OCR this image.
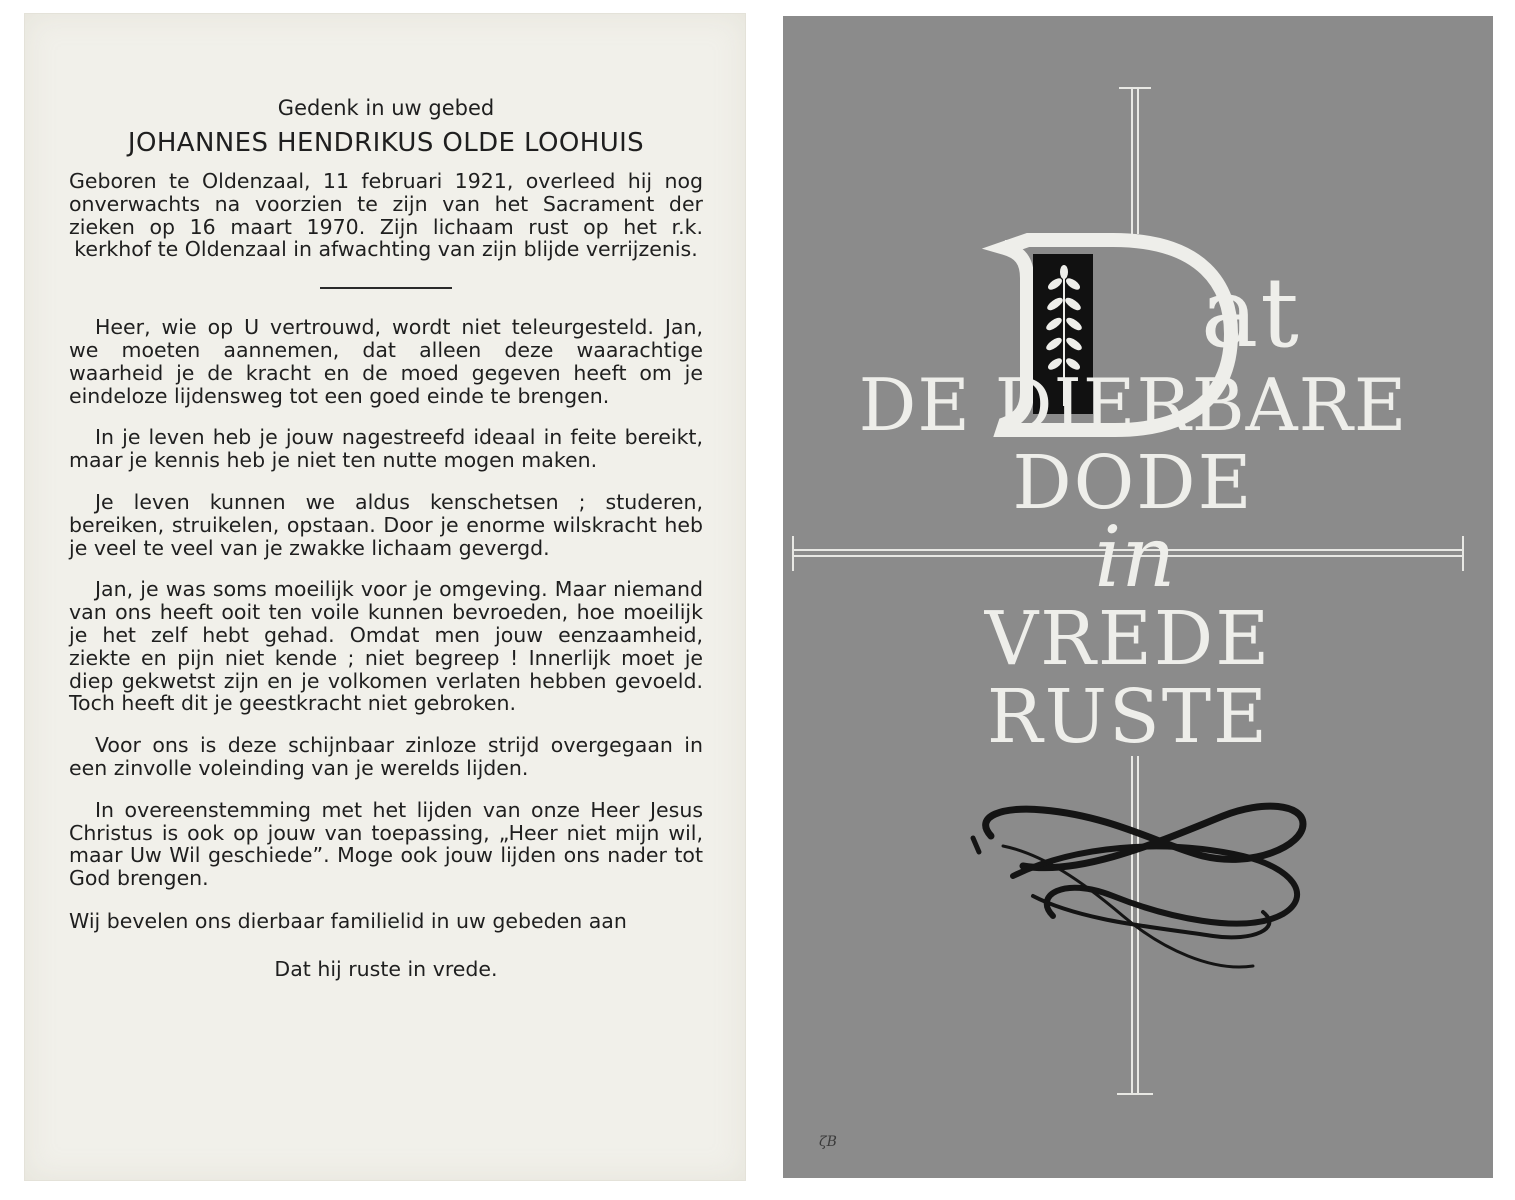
Gedenk in uw gebed

JOHANNES HENDRIKUS OLDE LOOHUIS

Geboren te Oldenzaal, 11 februari 1921, overleed hij nog onverwachts na voorzien te zijn van het Sacrament der zieken op 16 maart 1970. Zijn lichaam rust op het r.k. kerkhof te Oldenzaal in afwachting van zijn blijde verrijzenis.

Heer, wie op U vertrouwd, wordt niet teleurgesteld. Jan, we moeten aannemen, dat alleen deze waarachtige waarheid je de kracht en de moed gegeven heeft om je eindeloze lijdensweg tot een goed einde te brengen.

In je leven heb je jouw nagestreefd ideaal in feite bereikt, maar je kennis heb je niet ten nutte mogen maken.

Je leven kunnen we aldus kenschetsen ; studeren, bereiken, struikelen, opstaan. Door je enorme wilskracht heb je veel te veel van je zwakke lichaam gevergd.

Jan, je was soms moeilijk voor je omgeving. Maar niemand van ons heeft ooit ten voile kunnen bevroeden, hoe moeilijk je het zelf hebt gehad. Omdat men jouw eenzaamheid, ziekte en pijn niet kende ; niet begreep ! Innerlijk moet je diep gekwetst zijn en je volkomen verlaten hebben gevoeld. Toch heeft dit je geestkracht niet gebroken.

Voor ons is deze schijnbaar zinloze strijd overgegaan in een zinvolle voleinding van je werelds lijden.

In overeenstemming met het lijden van onze Heer Jesus Christus is ook op jouw van toepassing, „Heer niet mijn wil, maar Uw Wil geschiede”. Moge ook jouw lijden ons nader tot God brengen.

Wij bevelen ons dierbaar familielid in uw gebeden aan

Dat hij ruste in vrede.

at
DE DIERBARE
DODE
in
VREDE
RUSTE
ζB
